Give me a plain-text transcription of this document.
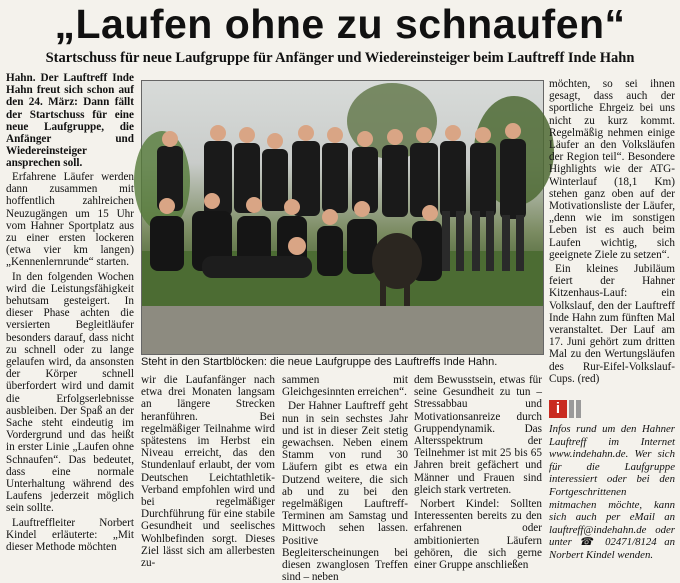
„Laufen ohne zu schnaufen“
Startschuss für neue Laufgruppe für Anfänger und Wiedereinsteiger beim Lauftreff Inde Hahn
Hahn. Der Lauftreff Inde Hahn freut sich schon auf den 24. März: Dann fällt der Startschuss für eine neue Laufgruppe, die Anfänger und Wiedereinsteiger ansprechen soll.

Erfahrene Läufer werden dann zusammen mit hoffentlich zahlreichen Neuzugängen um 15 Uhr vom Hahner Sportplatz aus zu einer ersten lockeren (etwa vier km langen) „Kennenlernrunde“ starten.

In den folgenden Wochen wird die Leistungsfähigkeit behutsam gesteigert. In dieser Phase achten die versierten Begleitläufer besonders darauf, dass nicht zu schnell oder zu lange gelaufen wird, da ansonsten der Körper schnell überfordert wird und damit die Erfolgserlebnisse ausbleiben. Der Spaß an der Sache steht eindeutig im Vordergrund und das heißt in erster Linie „Laufen ohne Schnaufen“. Das bedeutet, dass eine normale Unterhaltung während des Laufens jederzeit möglich sein sollte.

Lauftreffleiter Norbert Kindel erläuterte: „Mit dieser Methode möchten

Steht in den Startblöcken: die neue Laufgruppe des Lauftreffs Inde Hahn.

wir die Laufanfänger nach etwa drei Monaten langsam an längere Strecken heranführen. Bei regelmäßiger Teilnahme wird spätestens im Herbst ein Niveau erreicht, das den Stundenlauf erlaubt, der vom Deutschen Leichtathletik-Verband empfohlen wird und bei regelmäßiger Durchführung für eine stabile Gesundheit und seelisches Wohlbefinden sorgt. Dieses Ziel lässt sich am allerbesten zu-

sammen mit Gleichgesinnten erreichen“.

Der Hahner Lauftreff geht nun in sein sechstes Jahr und ist in dieser Zeit stetig gewachsen. Neben einem Stamm von rund 30 Läufern gibt es etwa ein Dutzend weitere, die sich ab und zu bei den regelmäßigen Lauftreff-Terminen am Samstag und Mittwoch sehen lassen. Positive Begleiterscheinungen bei diesen zwanglosen Treffen sind – neben

dem Bewusstsein, etwas für seine Gesundheit zu tun – Stressabbau und Motivationsanreize durch Gruppendynamik. Das Altersspektrum der Teilnehmer ist mit 25 bis 65 Jahren breit gefächert und Männer und Frauen sind gleich stark vertreten.

Norbert Kindel: Sollten Interessenten bereits zu den erfahrenen oder ambitionierten Läufern gehören, die sich gerne einer Gruppe anschließen

möchten, so sei ihnen gesagt, dass auch der sportliche Ehrgeiz bei uns nicht zu kurz kommt. Regelmäßig nehmen einige Läufer an den Volksläufen der Region teil“. Besondere Highlights wie der ATG-Winterlauf (18,1 Km) stehen ganz oben auf der Motivationsliste der Läufer, „denn wie im sonstigen Leben ist es auch beim Laufen wichtig, sich geeignete Ziele zu setzen“.

Ein kleines Jubiläum feiert der Hahner Kitzenhaus-Lauf: ein Volkslauf, den der Lauftreff Inde Hahn zum fünften Mal veranstaltet. Der Lauf am 17. Juni gehört zum dritten Mal zu den Wertungsläufen des Rur-Eifel-Volkslauf-Cups. (red)

i
Infos rund um den Hahner Lauftreff im Internet www.indehahn.de. Wer sich für die Laufgruppe interessiert oder bei den Fortgeschrittenen mitmachen möchte, kann sich auch per eMail an lauftreff@indehahn.de oder unter ☎ 02471/8124 an Norbert Kindel wenden.
